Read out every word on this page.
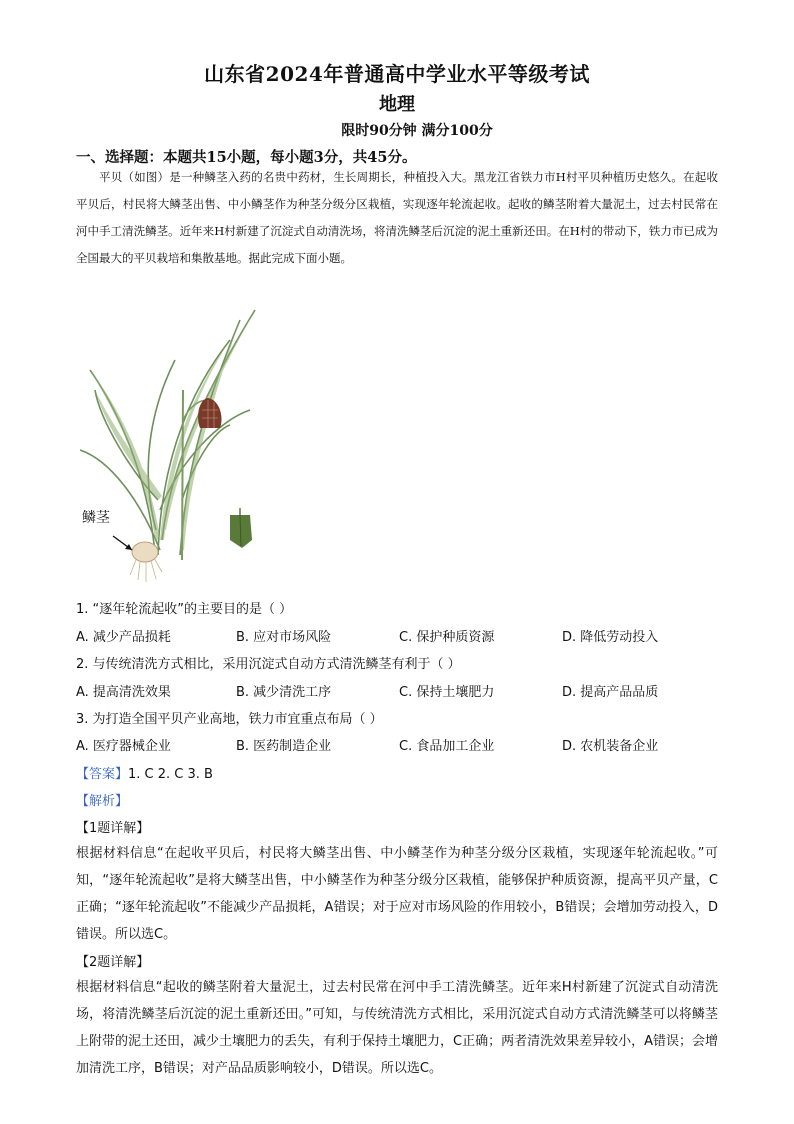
山东省2024年普通高中学业水平等级考试
地理
限时90分钟 满分100分
一、选择题：本题共15小题，每小题3分，共45分。

平贝（如图）是一种鳞茎入药的名贵中药材，生长周期长，种植投入大。黑龙江省铁力市H村平贝种植历史悠久。在起收平贝后，村民将大鳞茎出售、中小鳞茎作为种茎分级分区栽植，实现逐年轮流起收。起收的鳞茎附着大量泥土，过去村民常在河中手工清洗鳞茎。近年来H村新建了沉淀式自动清洗场，将清洗鳞茎后沉淀的泥土重新还田。在H村的带动下，铁力市已成为全国最大的平贝栽培和集散基地。据此完成下面小题。

鳞茎
1. “逐年轮流起收”的主要目的是（ ）
A. 减少产品损耗	B. 应对市场风险	C. 保护种质资源	D. 降低劳动投入
2. 与传统清洗方式相比，采用沉淀式自动方式清洗鳞茎有利于（ ）
A. 提高清洗效果	B. 减少清洗工序	C. 保持土壤肥力	D. 提高产品品质
3. 为打造全国平贝产业高地，铁力市宜重点布局（ ）
A. 医疗器械企业	B. 医药制造企业	C. 食品加工企业	D. 农机装备企业
【答案】1. C 2. C 3. B
【解析】
【1题详解】

根据材料信息“在起收平贝后，村民将大鳞茎出售、中小鳞茎作为种茎分级分区栽植，实现逐年轮流起收。”可知，“逐年轮流起收”是将大鳞茎出售，中小鳞茎作为种茎分级分区栽植，能够保护种质资源，提高平贝产量，C正确；“逐年轮流起收”不能减少产品损耗，A错误；对于应对市场风险的作用较小，B错误；会增加劳动投入，D错误。所以选C。

【2题详解】

根据材料信息“起收的鳞茎附着大量泥土，过去村民常在河中手工清洗鳞茎。近年来H村新建了沉淀式自动清洗场，将清洗鳞茎后沉淀的泥土重新还田。”可知，与传统清洗方式相比，采用沉淀式自动方式清洗鳞茎可以将鳞茎上附带的泥土还田，减少土壤肥力的丢失，有利于保持土壤肥力，C正确；两者清洗效果差异较小，A错误；会增加清洗工序，B错误；对产品品质影响较小，D错误。所以选C。
